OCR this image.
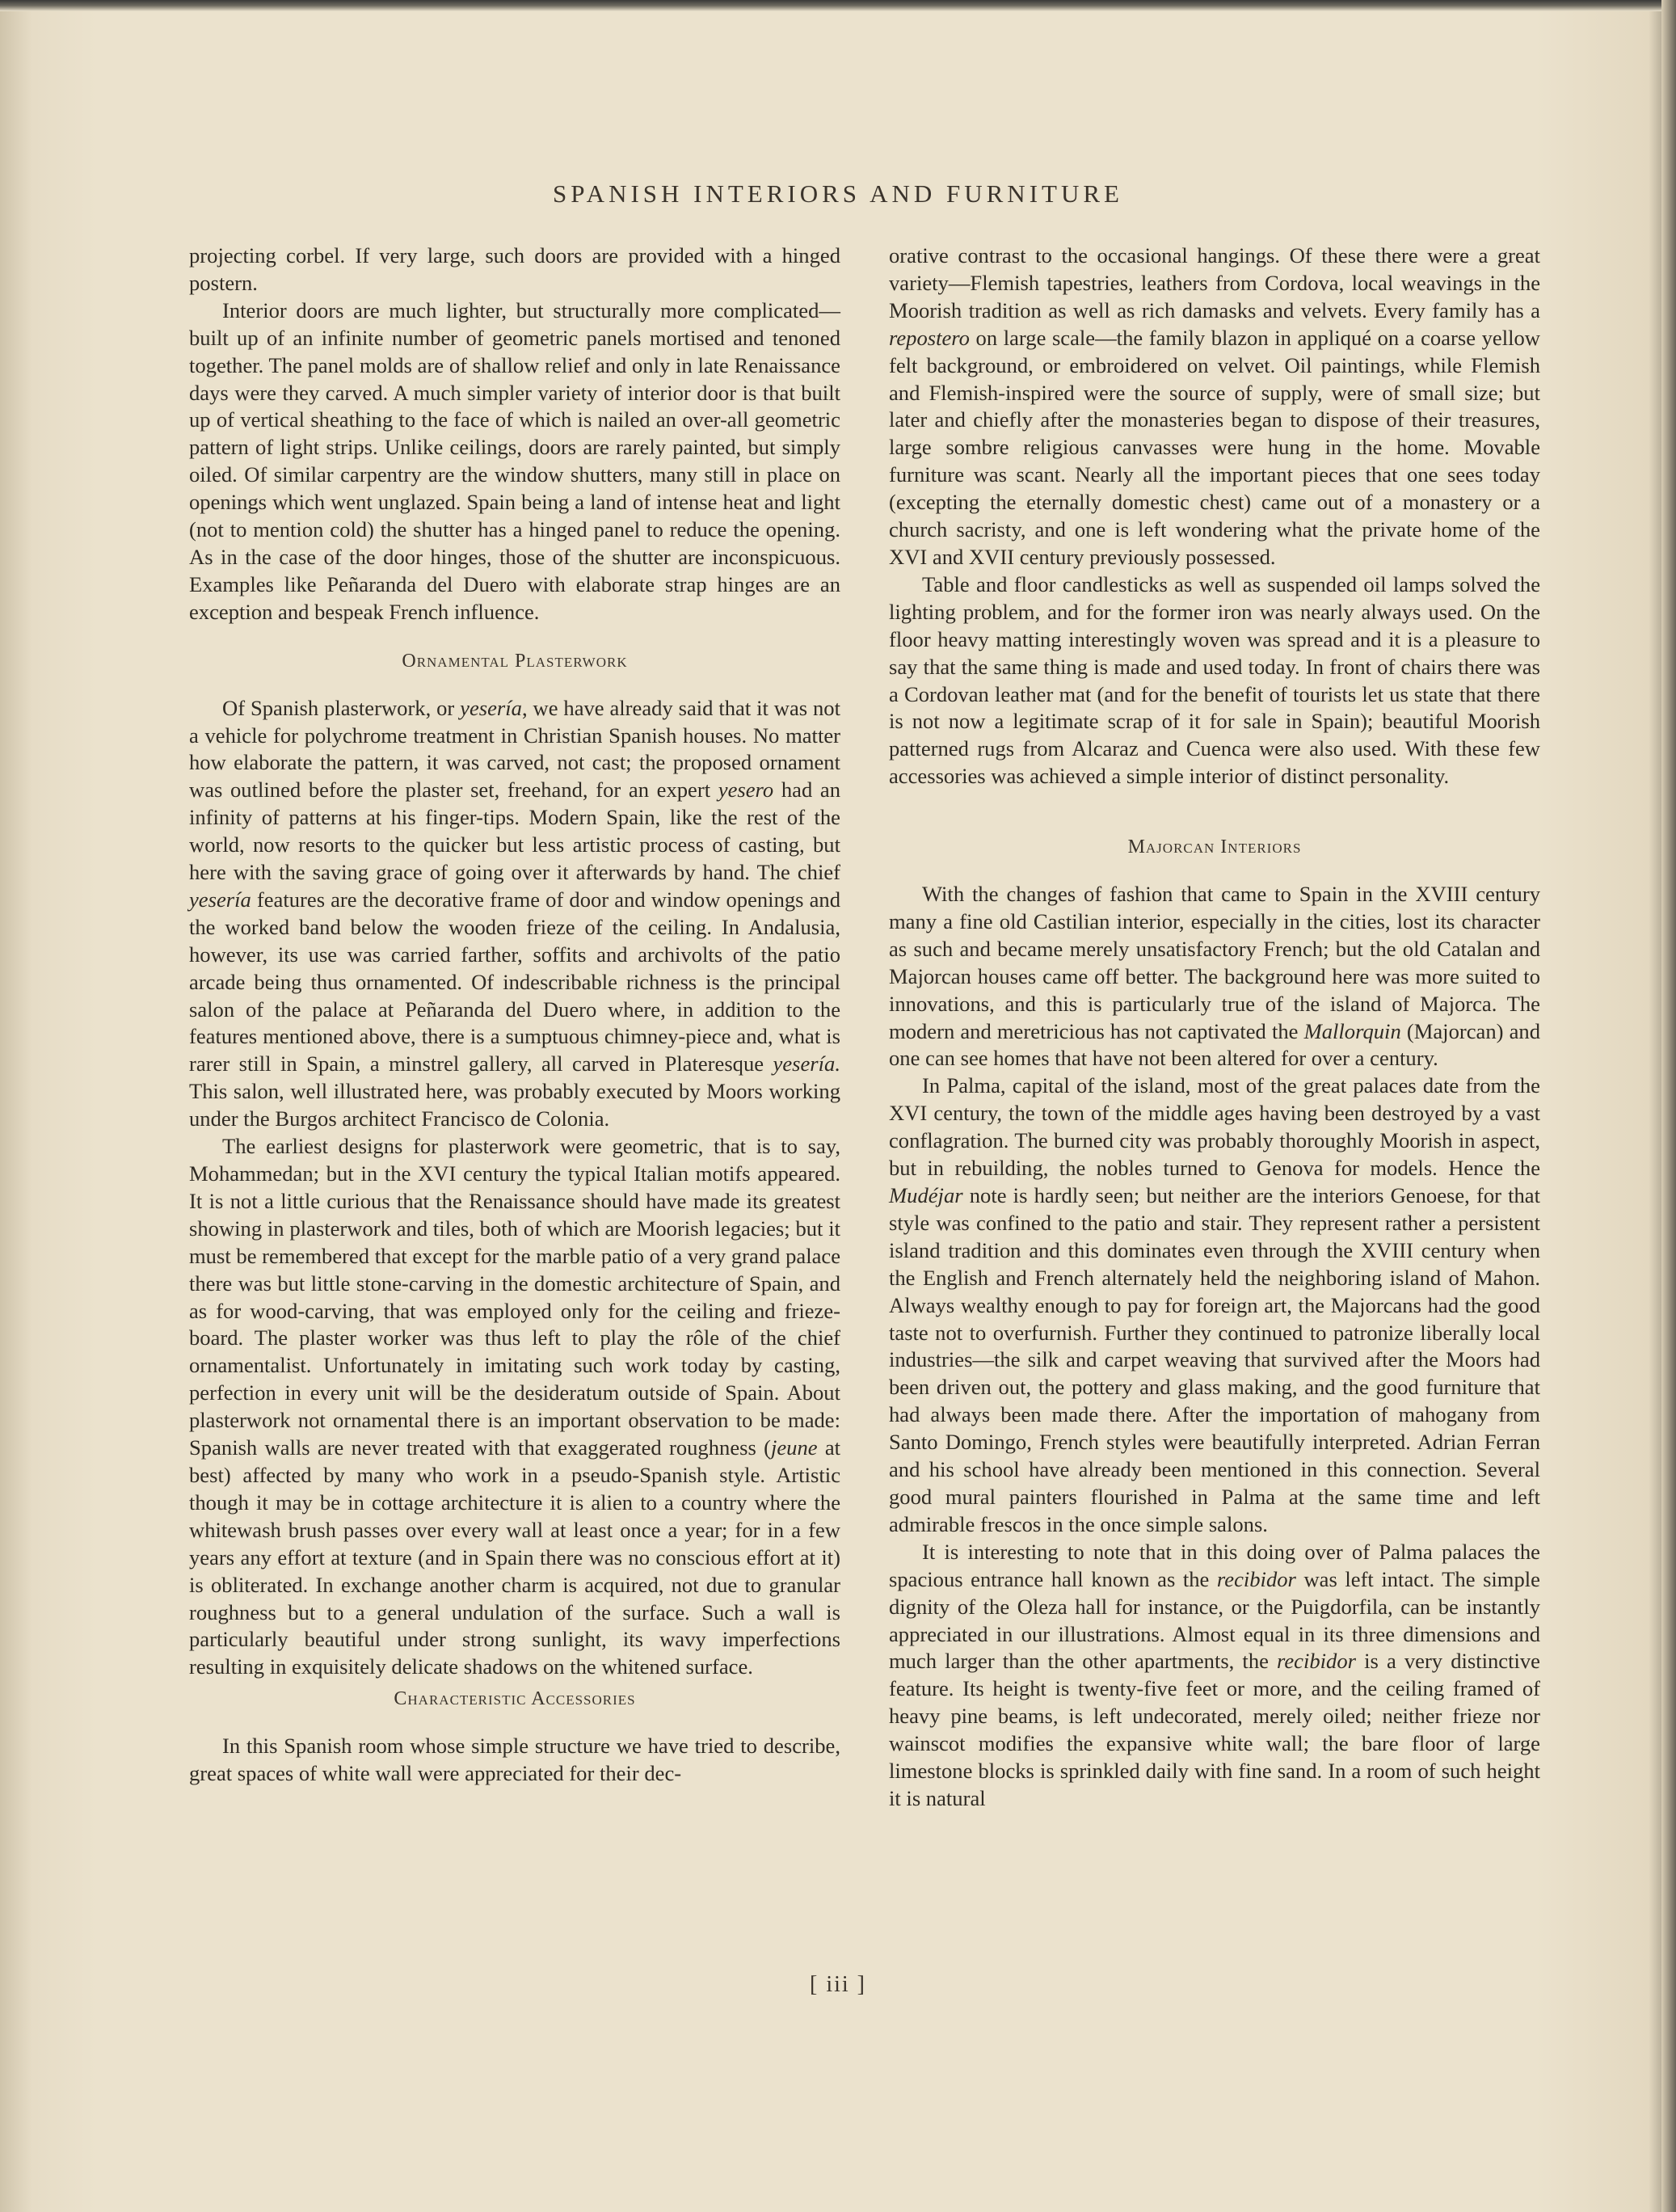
SPANISH INTERIORS AND FURNITURE

projecting corbel. If very large, such doors are provided with a hinged postern.

Interior doors are much lighter, but structurally more complicated—built up of an infinite number of geometric panels mortised and tenoned together. The panel molds are of shallow relief and only in late Renaissance days were they carved. A much simpler variety of interior door is that built up of vertical sheathing to the face of which is nailed an over-all geometric pattern of light strips. Unlike ceilings, doors are rarely painted, but simply oiled. Of similar carpentry are the window shutters, many still in place on openings which went unglazed. Spain being a land of intense heat and light (not to mention cold) the shutter has a hinged panel to reduce the opening. As in the case of the door hinges, those of the shutter are inconspicuous. Examples like Peñaranda del Duero with elaborate strap hinges are an exception and bespeak French influence.

Ornamental Plasterwork

Of Spanish plasterwork, or yesería, we have already said that it was not a vehicle for polychrome treatment in Christian Spanish houses. No matter how elaborate the pattern, it was carved, not cast; the proposed ornament was outlined before the plaster set, freehand, for an expert yesero had an infinity of patterns at his finger-tips. Modern Spain, like the rest of the world, now resorts to the quicker but less artistic process of casting, but here with the saving grace of going over it afterwards by hand. The chief yesería features are the decorative frame of door and window openings and the worked band below the wooden frieze of the ceiling. In Andalusia, however, its use was carried farther, soffits and archivolts of the patio arcade being thus ornamented. Of indescribable richness is the principal salon of the palace at Peñaranda del Duero where, in addition to the features mentioned above, there is a sumptuous chimney-piece and, what is rarer still in Spain, a minstrel gallery, all carved in Plateresque yesería. This salon, well illustrated here, was probably executed by Moors working under the Burgos architect Francisco de Colonia.

The earliest designs for plasterwork were geometric, that is to say, Mohammedan; but in the XVI century the typical Italian motifs appeared. It is not a little curious that the Renaissance should have made its greatest showing in plasterwork and tiles, both of which are Moorish legacies; but it must be remembered that except for the marble patio of a very grand palace there was but little stone-carving in the domestic architecture of Spain, and as for wood-carving, that was employed only for the ceiling and frieze-board. The plaster worker was thus left to play the rôle of the chief ornamentalist. Unfortunately in imitating such work today by casting, perfection in every unit will be the desideratum outside of Spain. About plasterwork not ornamental there is an important observation to be made: Spanish walls are never treated with that exaggerated roughness (jeune at best) affected by many who work in a pseudo-Spanish style. Artistic though it may be in cottage architecture it is alien to a country where the whitewash brush passes over every wall at least once a year; for in a few years any effort at texture (and in Spain there was no conscious effort at it) is obliterated. In exchange another charm is acquired, not due to granular roughness but to a general undulation of the surface. Such a wall is particularly beautiful under strong sunlight, its wavy imperfections resulting in exquisitely delicate shadows on the whitened surface.

Characteristic Accessories

In this Spanish room whose simple structure we have tried to describe, great spaces of white wall were appreciated for their dec-

orative contrast to the occasional hangings. Of these there were a great variety—Flemish tapestries, leathers from Cordova, local weavings in the Moorish tradition as well as rich damasks and velvets. Every family has a repostero on large scale—the family blazon in appliqué on a coarse yellow felt background, or embroidered on velvet. Oil paintings, while Flemish and Flemish-inspired were the source of supply, were of small size; but later and chiefly after the monasteries began to dispose of their treasures, large sombre religious canvasses were hung in the home. Movable furniture was scant. Nearly all the important pieces that one sees today (excepting the eternally domestic chest) came out of a monastery or a church sacristy, and one is left wondering what the private home of the XVI and XVII century previously possessed.

Table and floor candlesticks as well as suspended oil lamps solved the lighting problem, and for the former iron was nearly always used. On the floor heavy matting interestingly woven was spread and it is a pleasure to say that the same thing is made and used today. In front of chairs there was a Cordovan leather mat (and for the benefit of tourists let us state that there is not now a legitimate scrap of it for sale in Spain); beautiful Moorish patterned rugs from Alcaraz and Cuenca were also used. With these few accessories was achieved a simple interior of distinct personality.

Majorcan Interiors

With the changes of fashion that came to Spain in the XVIII century many a fine old Castilian interior, especially in the cities, lost its character as such and became merely unsatisfactory French; but the old Catalan and Majorcan houses came off better. The background here was more suited to innovations, and this is particularly true of the island of Majorca. The modern and meretricious has not captivated the Mallorquin (Majorcan) and one can see homes that have not been altered for over a century.

In Palma, capital of the island, most of the great palaces date from the XVI century, the town of the middle ages having been destroyed by a vast conflagration. The burned city was probably thoroughly Moorish in aspect, but in rebuilding, the nobles turned to Genova for models. Hence the Mudéjar note is hardly seen; but neither are the interiors Genoese, for that style was confined to the patio and stair. They represent rather a persistent island tradition and this dominates even through the XVIII century when the English and French alternately held the neighboring island of Mahon. Always wealthy enough to pay for foreign art, the Majorcans had the good taste not to overfurnish. Further they continued to patronize liberally local industries—the silk and carpet weaving that survived after the Moors had been driven out, the pottery and glass making, and the good furniture that had always been made there. After the importation of mahogany from Santo Domingo, French styles were beautifully interpreted. Adrian Ferran and his school have already been mentioned in this connection. Several good mural painters flourished in Palma at the same time and left admirable frescos in the once simple salons.

It is interesting to note that in this doing over of Palma palaces the spacious entrance hall known as the recibidor was left intact. The simple dignity of the Oleza hall for instance, or the Puigdorfila, can be instantly appreciated in our illustrations. Almost equal in its three dimensions and much larger than the other apartments, the recibidor is a very distinctive feature. Its height is twenty-five feet or more, and the ceiling framed of heavy pine beams, is left undecorated, merely oiled; neither frieze nor wainscot modifies the expansive white wall; the bare floor of large limestone blocks is sprinkled daily with fine sand. In a room of such height it is natural

[ iii ]
